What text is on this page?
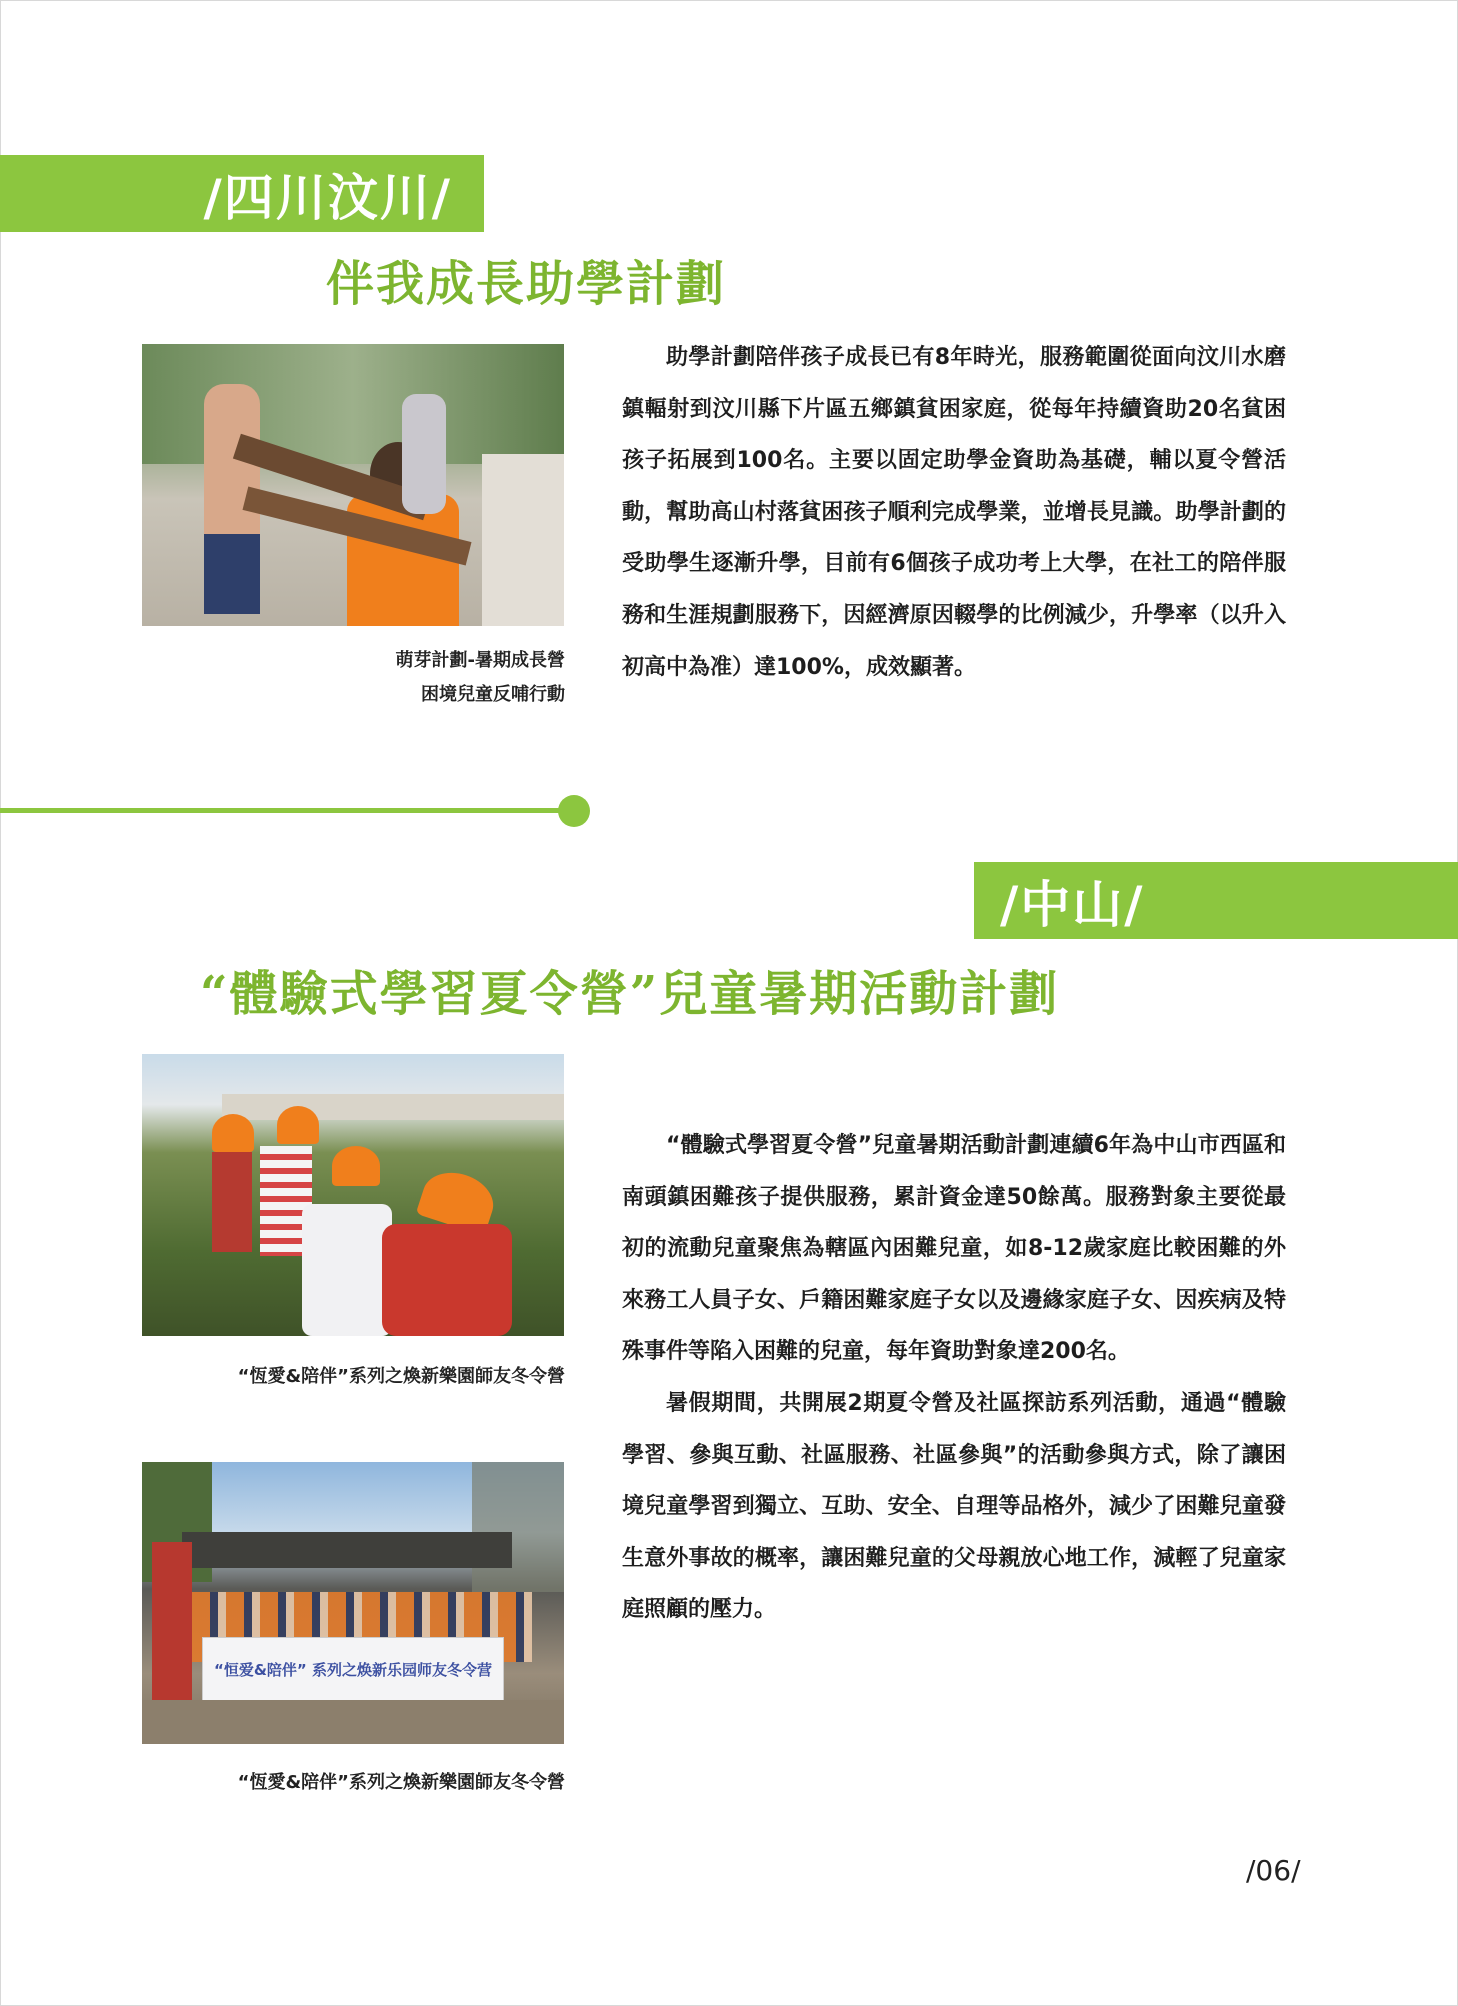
/四川汶川/
伴我成長助學計劃
萌芽計劃-暑期成長營
困境兒童反哺行動

助學計劃陪伴孩子成長已有8年時光，服務範圍從面向汶川水磨鎮輻射到汶川縣下片區五鄉鎮貧困家庭，從每年持續資助20名貧困孩子拓展到100名。主要以固定助學金資助為基礎，輔以夏令營活動，幫助高山村落貧困孩子順利完成學業，並增長見識。助學計劃的受助學生逐漸升學，目前有6個孩子成功考上大學，在社工的陪伴服務和生涯規劃服務下，因經濟原因輟學的比例減少，升學率（以升入初高中為准）達100%，成效顯著。

/中山/
“體驗式學習夏令營”兒童暑期活動計劃
“恆愛&陪伴”系列之煥新樂園師友冬令營
“恒爱&陪伴” 系列之焕新乐园师友冬令营
“恆愛&陪伴”系列之煥新樂園師友冬令營

“體驗式學習夏令營”兒童暑期活動計劃連續6年為中山市西區和南頭鎮困難孩子提供服務，累計資金達50餘萬。服務對象主要從最初的流動兒童聚焦為轄區內困難兒童，如8-12歲家庭比較困難的外來務工人員子女、戶籍困難家庭子女以及邊緣家庭子女、因疾病及特殊事件等陷入困難的兒童，每年資助對象達200名。

暑假期間，共開展2期夏令營及社區探訪系列活動，通過“體驗學習、參與互動、社區服務、社區參與”的活動參與方式，除了讓困境兒童學習到獨立、互助、安全、自理等品格外，減少了困難兒童發生意外事故的概率，讓困難兒童的父母親放心地工作，減輕了兒童家庭照顧的壓力。

/06/
